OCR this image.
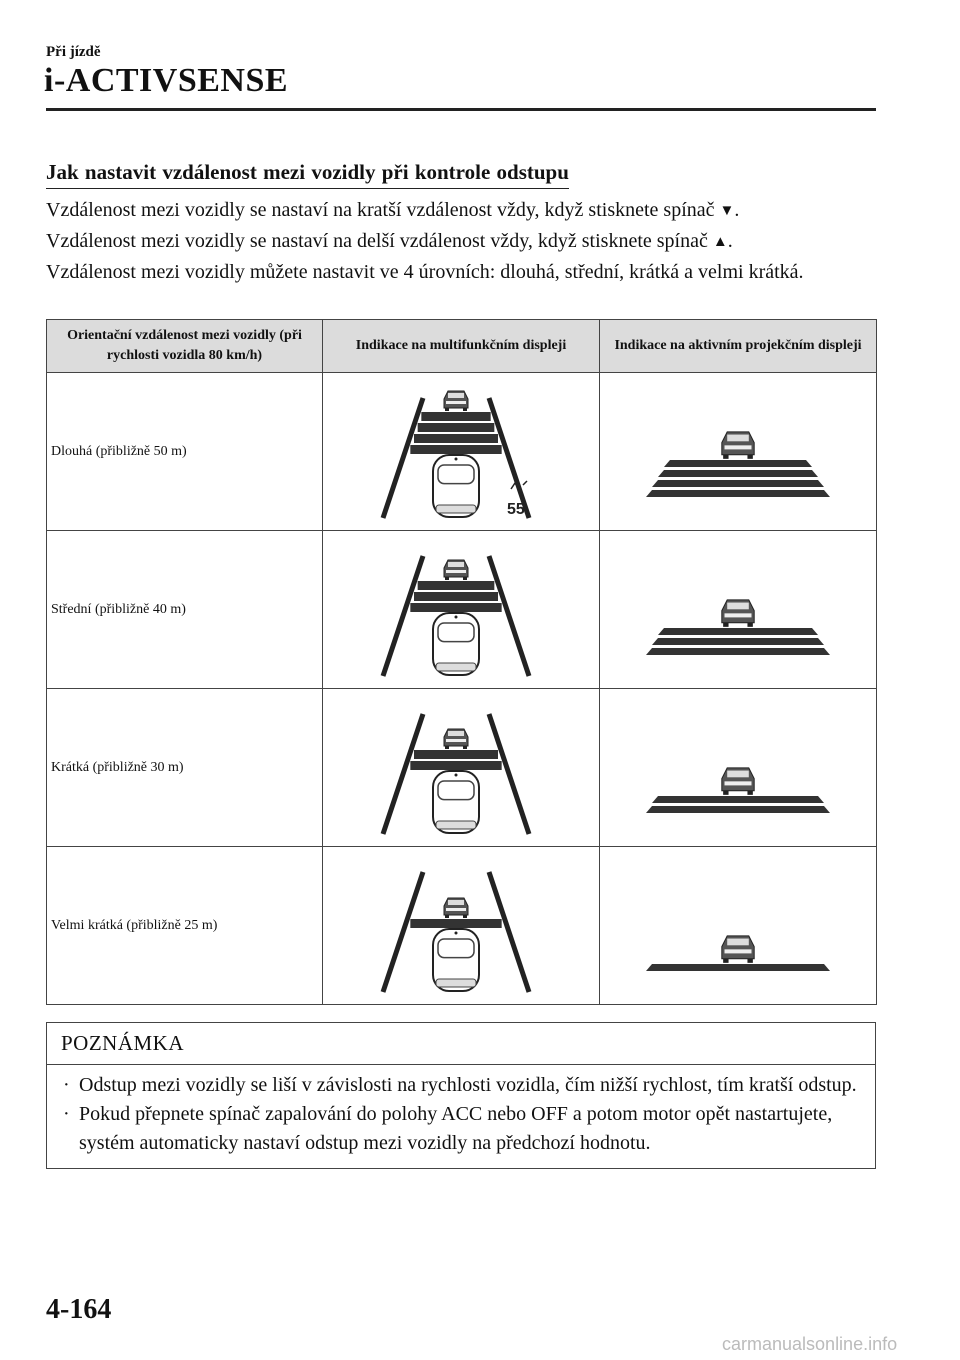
Při jízdě
i-ACTIVSENSE
Jak nastavit vzdálenost mezi vozidly při kontrole odstupu

Vzdálenost mezi vozidly se nastaví na kratší vzdálenost vždy, když stisknete spínač ▼.

Vzdálenost mezi vozidly se nastaví na delší vzdálenost vždy, když stisknete spínač ▲.

Vzdálenost mezi vozidly můžete nastavit ve 4 úrovních: dlouhá, střední, krátká a velmi krátká.

Orientační vzdálenost mezi vozidly (při rychlosti vozidla 80 km/h)	Indikace na multifunkčním displeji	Indikace na aktivním projekčním displeji
Dlouhá (přibližně 50 m)	55

Střední (přibližně 40 m)	

Krátká (přibližně 30 m)	

Velmi krátká (přibližně 25 m)	

POZNÁMKA
· Odstup mezi vozidly se liší v závislosti na rychlosti vozidla, čím nižší rychlost, tím kratší odstup.
· Pokud přepnete spínač zapalování do polohy ACC nebo OFF a potom motor opět nastartujete, systém automaticky nastaví odstup mezi vozidly na předchozí hodnotu.
4-164
carmanualsonline.info
